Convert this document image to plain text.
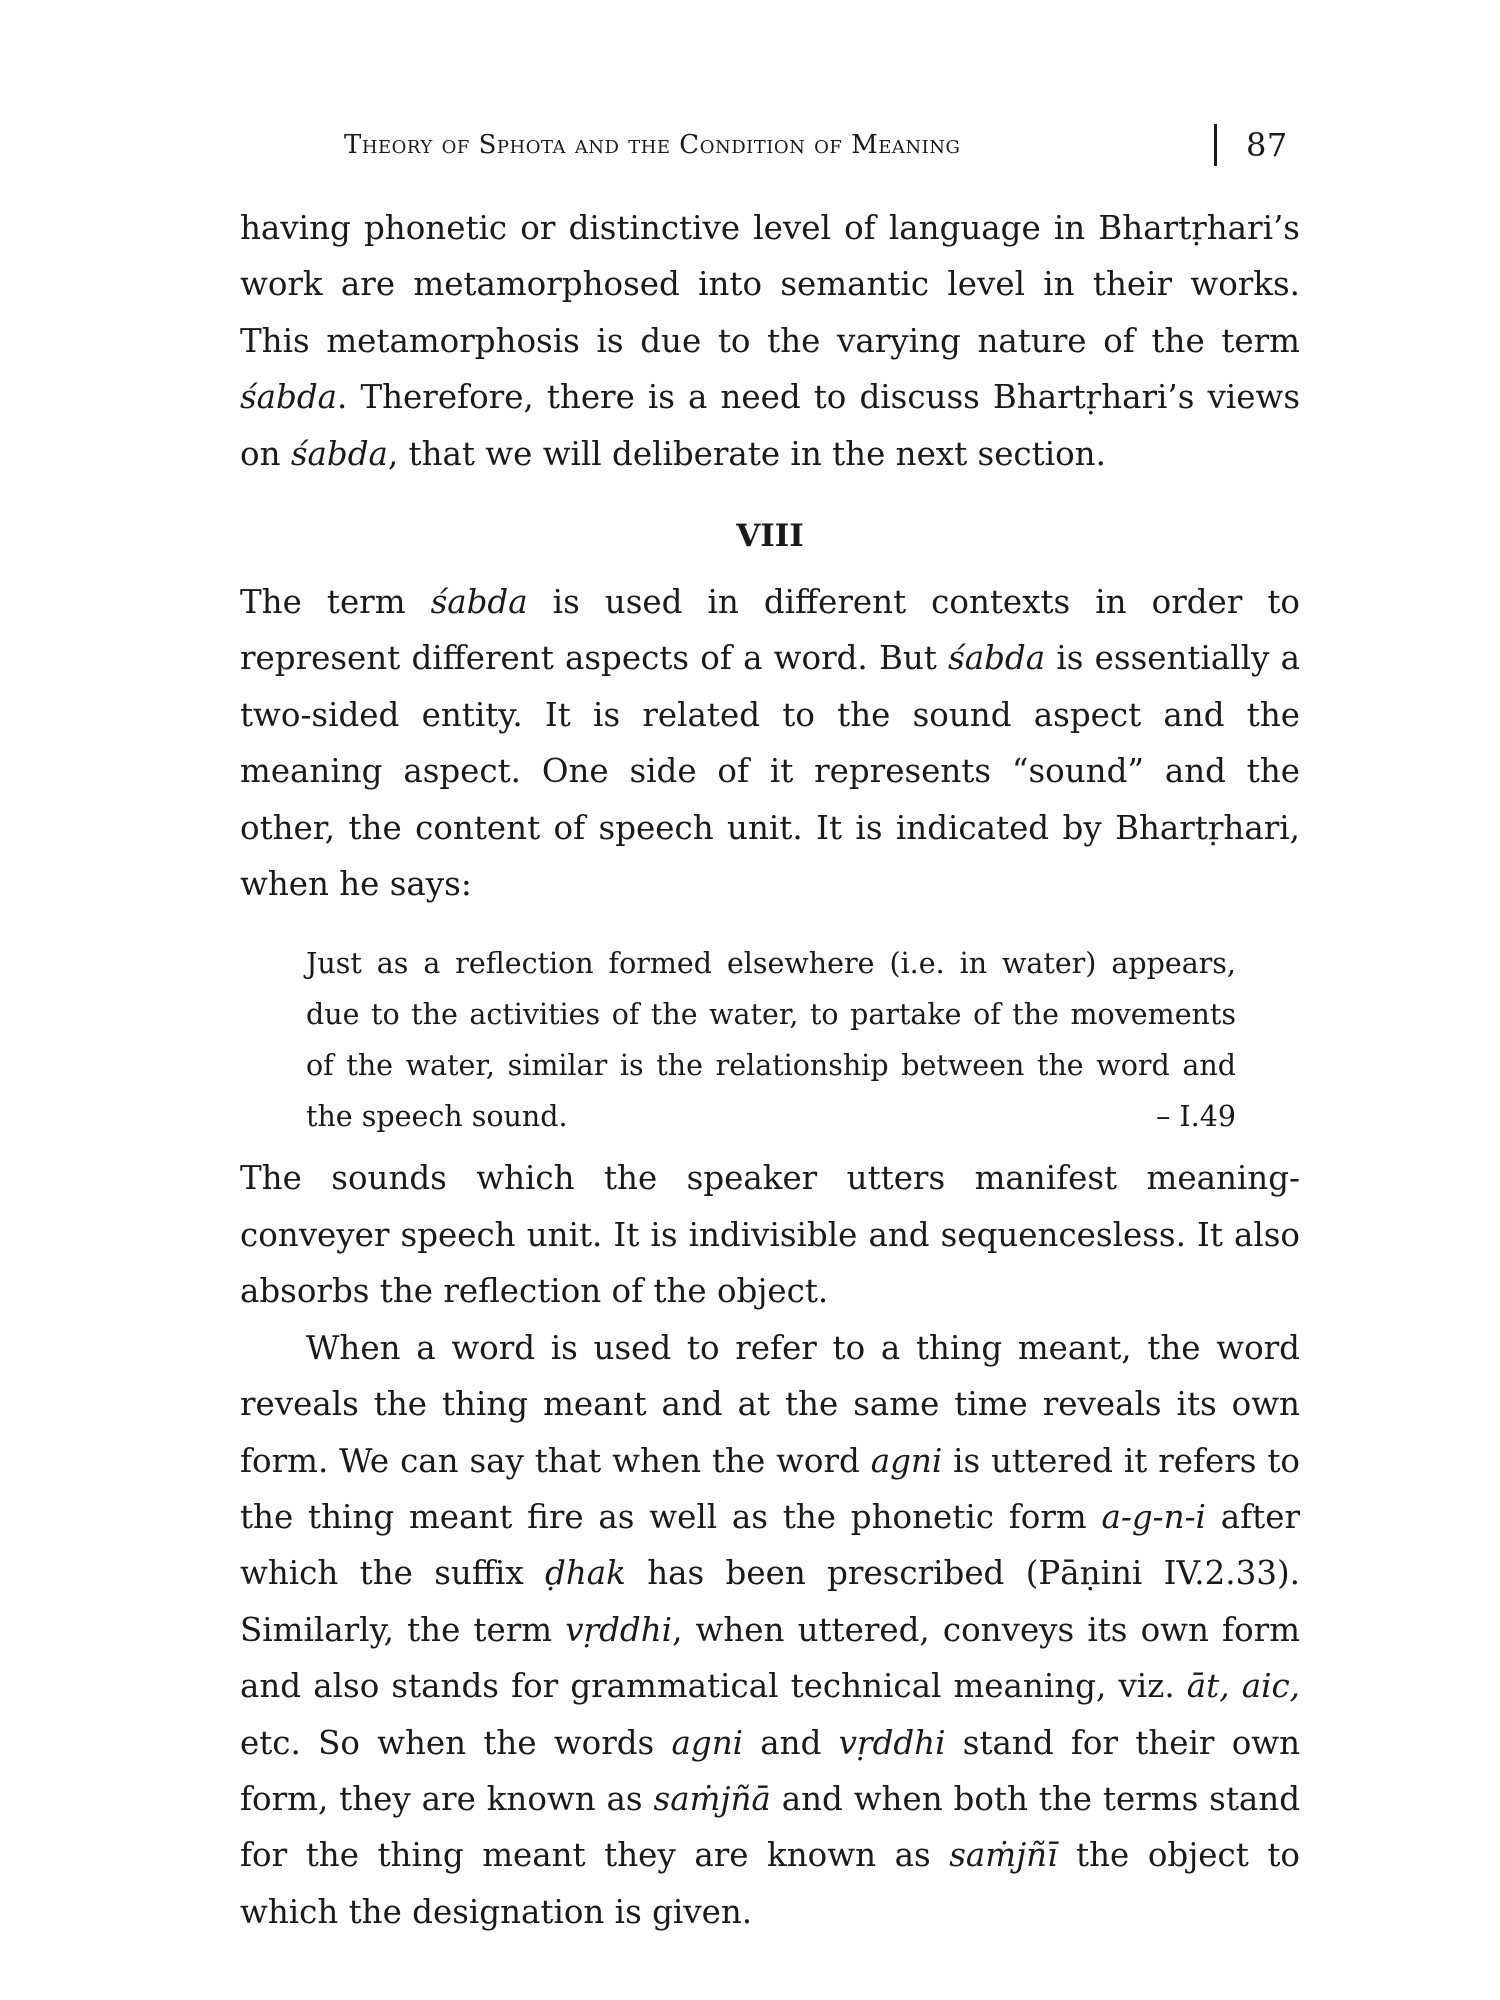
Theory of Sphota and the Condition of Meaning	87

having phonetic or distinctive level of language in Bhartṛhari’s work are metamorphosed into semantic level in their works. This metamorphosis is due to the varying nature of the term śabda. Therefore, there is a need to discuss Bhartṛhari’s views on śabda, that we will deliberate in the next section.

VIII

The term śabda is used in different contexts in order to represent different aspects of a word. But śabda is essentially a two-sided entity. It is related to the sound aspect and the meaning aspect. One side of it represents “sound” and the other, the content of speech unit. It is indicated by Bhartṛhari, when he says:

Just as a reflection formed elsewhere (i.e. in water) appears, due to the activities of the water, to partake of the movements of the water, similar is the relationship between the word and the speech sound.	– I.49

The sounds which the speaker utters manifest meaning-conveyer speech unit. It is indivisible and sequencesless. It also absorbs the reflection of the object.

When a word is used to refer to a thing meant, the word reveals the thing meant and at the same time reveals its own form. We can say that when the word agni is uttered it refers to the thing meant fire as well as the phonetic form a-g-n-i after which the suffix ḍhak has been prescribed (Pāṇini IV.2.33). Similarly, the term vṛddhi, when uttered, conveys its own form and also stands for grammatical technical meaning, viz. āt, aic, etc. So when the words agni and vṛddhi stand for their own form, they are known as saṁjñā and when both the terms stand for the thing meant they are known as saṁjñī the object to which the designation is given.
